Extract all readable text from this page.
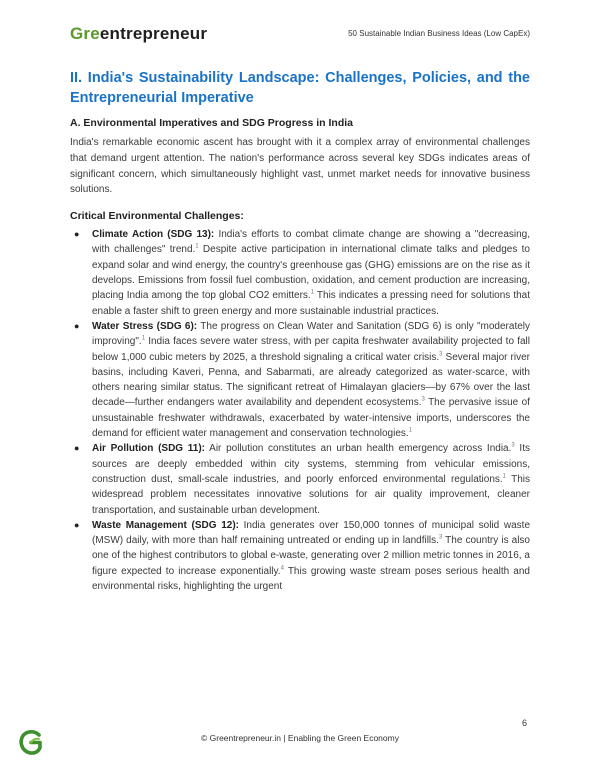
Greentrepreneur	50 Sustainable Indian Business Ideas (Low CapEx)
II. India's Sustainability Landscape: Challenges, Policies, and the Entrepreneurial Imperative
A. Environmental Imperatives and SDG Progress in India

India's remarkable economic ascent has brought with it a complex array of environmental challenges that demand urgent attention. The nation's performance across several key SDGs indicates areas of significant concern, which simultaneously highlight vast, unmet market needs for innovative business solutions.

Critical Environmental Challenges:
● Climate Action (SDG 13): India's efforts to combat climate change are showing a "decreasing, with challenges" trend.$^1$ Despite active participation in international climate talks and pledges to expand solar and wind energy, the country's greenhouse gas (GHG) emissions are on the rise as it develops. Emissions from fossil fuel combustion, oxidation, and cement production are increasing, placing India among the top global CO2 emitters.$^1$ This indicates a pressing need for solutions that enable a faster shift to green energy and more sustainable industrial practices.
● Water Stress (SDG 6): The progress on Clean Water and Sanitation (SDG 6) is only "moderately improving".$^1$ India faces severe water stress, with per capita freshwater availability projected to fall below 1,000 cubic meters by 2025, a threshold signaling a critical water crisis.$^3$ Several major river basins, including Kaveri, Penna, and Sabarmati, are already categorized as water-scarce, with others nearing similar status. The significant retreat of Himalayan glaciers—by 67% over the last decade—further endangers water availability and dependent ecosystems.$^3$ The pervasive issue of unsustainable freshwater withdrawals, exacerbated by water-intensive imports, underscores the demand for efficient water management and conservation technologies.$^1$
● Air Pollution (SDG 11): Air pollution constitutes an urban health emergency across India.$^3$ Its sources are deeply embedded within city systems, stemming from vehicular emissions, construction dust, small-scale industries, and poorly enforced environmental regulations.$^1$ This widespread problem necessitates innovative solutions for air quality improvement, cleaner transportation, and sustainable urban development.
● Waste Management (SDG 12): India generates over 150,000 tonnes of municipal solid waste (MSW) daily, with more than half remaining untreated or ending up in landfills.$^3$ The country is also one of the highest contributors to global e-waste, generating over 2 million metric tonnes in 2016, a figure expected to increase exponentially.$^4$ This growing waste stream poses serious health and environmental risks, highlighting the urgent
6
© Greentrepreneur.in | Enabling the Green Economy
